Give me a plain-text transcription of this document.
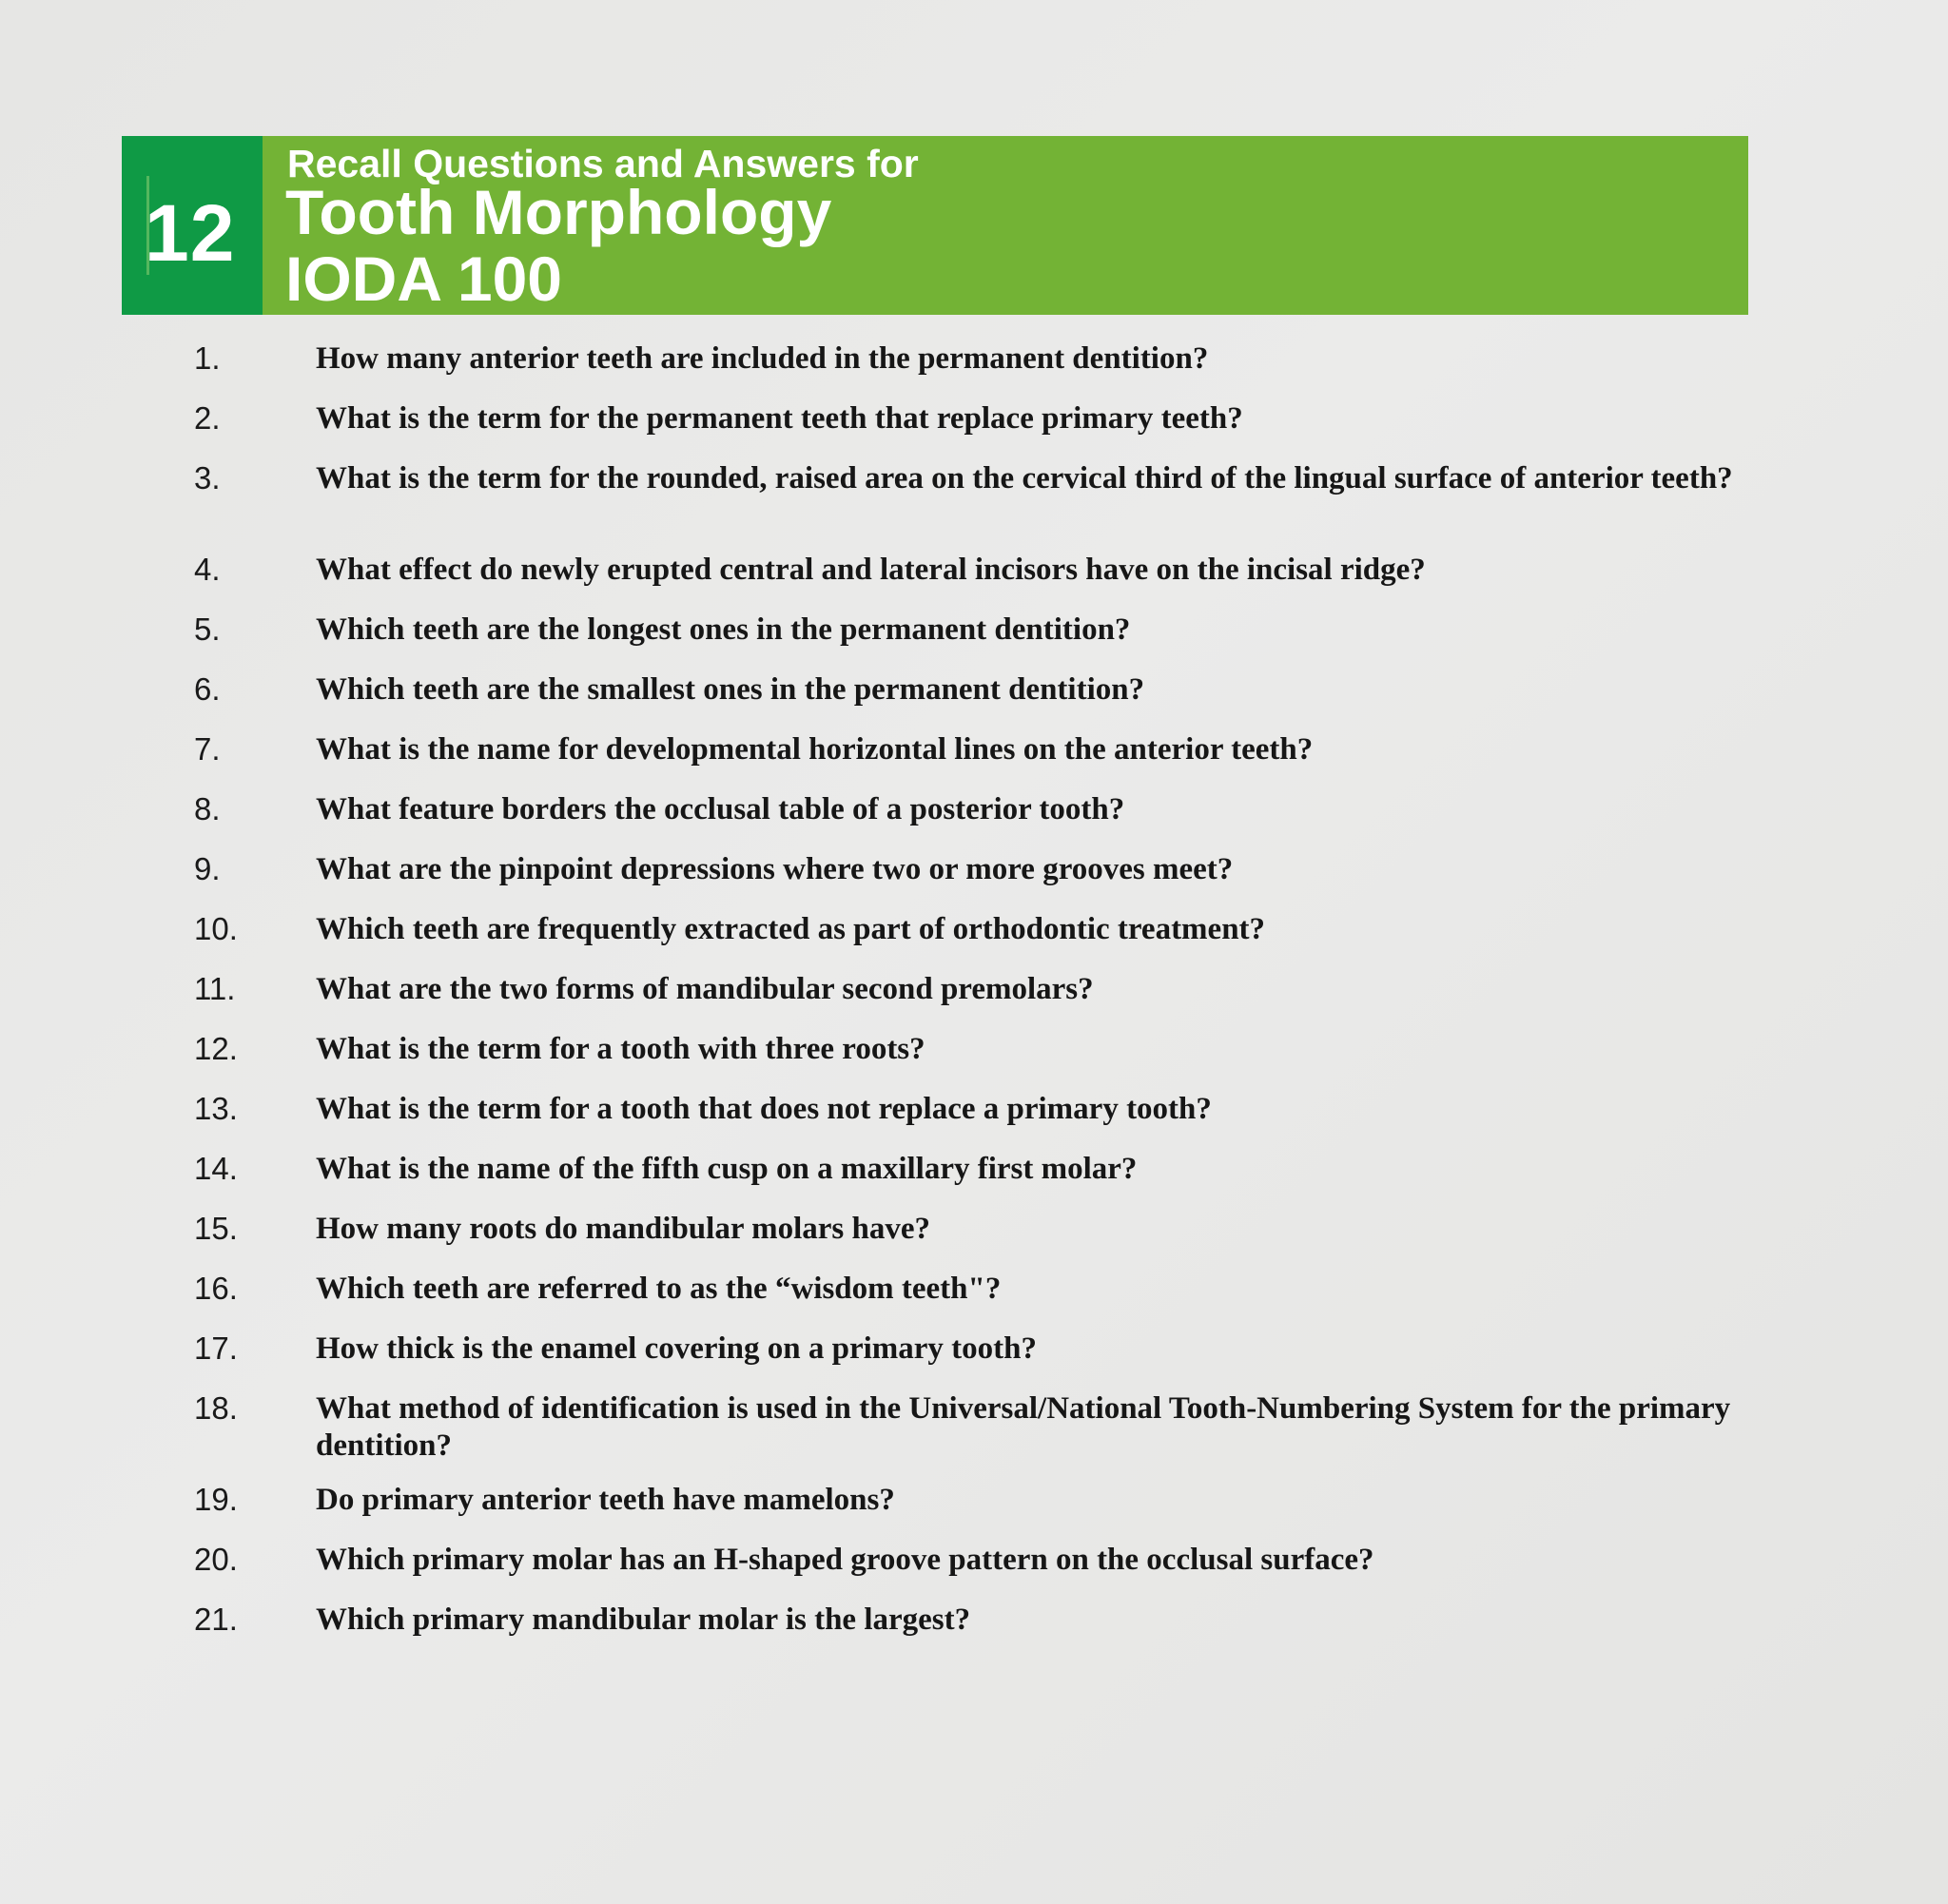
12
Recall Questions and Answers for
Tooth Morphology
IODA 100
1.	How many anterior teeth are included in the permanent dentition?
2.	What is the term for the permanent teeth that replace primary teeth?
3.	What is the term for the rounded, raised area on the cervical third of the lingual surface of anterior teeth?
4.	What effect do newly erupted central and lateral incisors have on the incisal ridge?
5.	Which teeth are the longest ones in the permanent dentition?
6.	Which teeth are the smallest ones in the permanent dentition?
7.	What is the name for developmental horizontal lines on the anterior teeth?
8.	What feature borders the occlusal table of a posterior tooth?
9.	What are the pinpoint depressions where two or more grooves meet?
10.	Which teeth are frequently extracted as part of orthodontic treatment?
11.	What are the two forms of mandibular second premolars?
12.	What is the term for a tooth with three roots?
13.	What is the term for a tooth that does not replace a primary tooth?
14.	What is the name of the fifth cusp on a maxillary first molar?
15.	How many roots do mandibular molars have?
16.	Which teeth are referred to as the “wisdom teeth"?
17.	How thick is the enamel covering on a primary tooth?
18.	What method of identification is used in the Universal/National Tooth-Numbering System for the primary dentition?
19.	Do primary anterior teeth have mamelons?
20.	Which primary molar has an H-shaped groove pattern on the occlusal surface?
21.	Which primary mandibular molar is the largest?
